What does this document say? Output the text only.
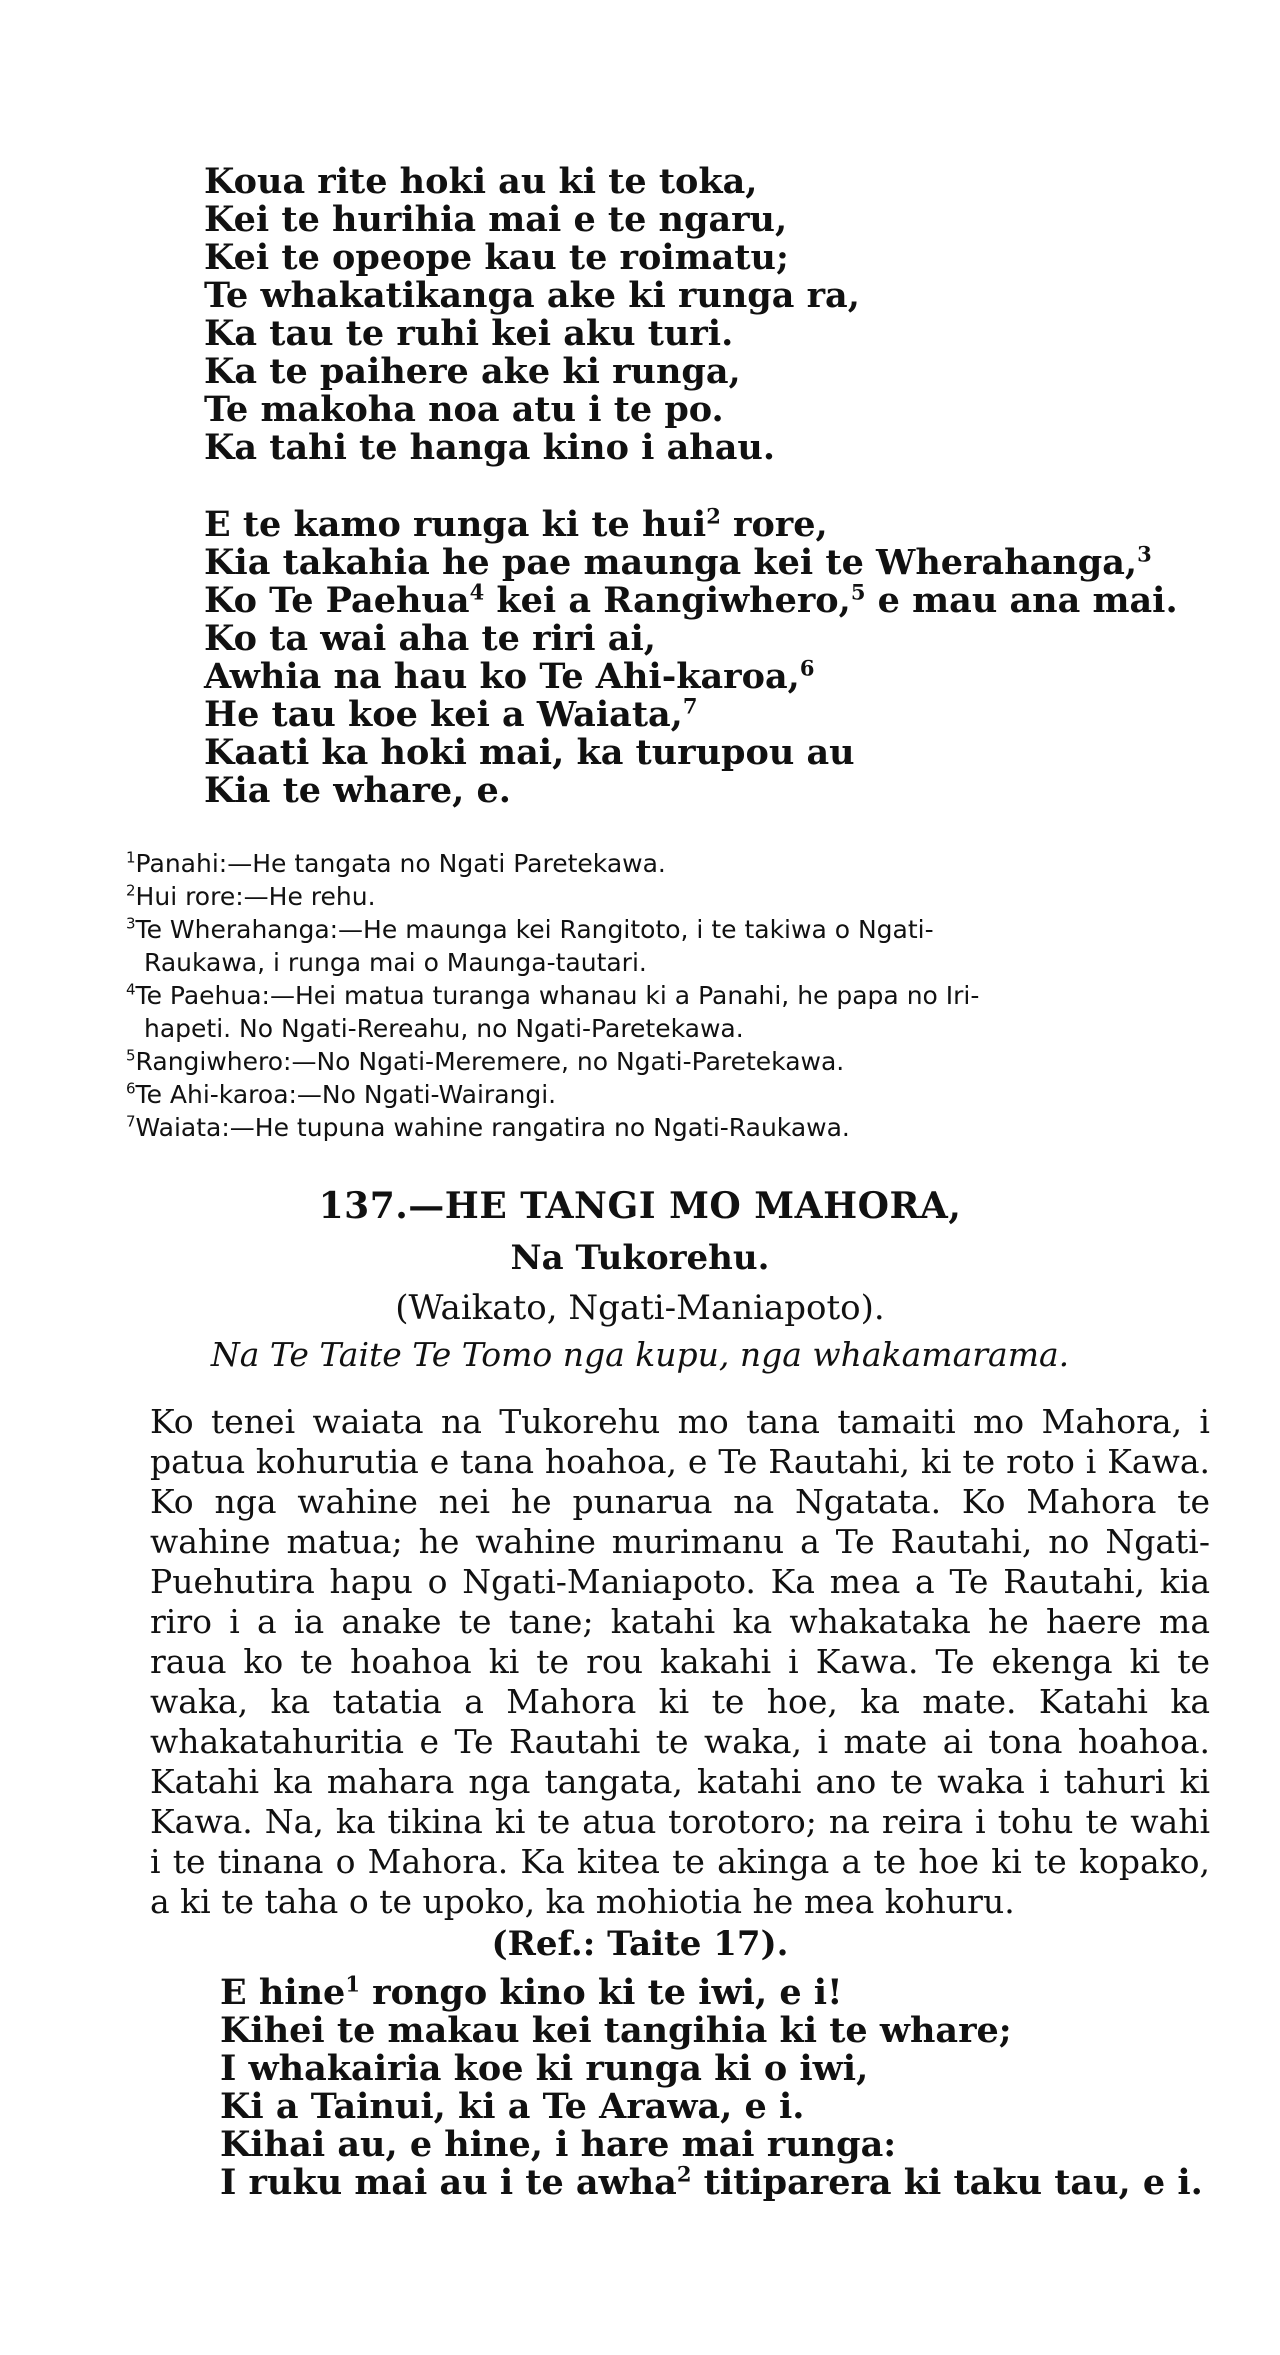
Koua rite hoki au ki te toka,
Kei te hurihia mai e te ngaru,
Kei te opeope kau te roimatu;
Te whakatikanga ake ki runga ra,
Ka tau te ruhi kei aku turi.
Ka te paihere ake ki runga,
Te makoha noa atu i te po.
Ka tahi te hanga kino i ahau.
E te kamo runga ki te hui$^2$ rore,
Kia takahia he pae maunga kei te Wherahanga,$^3$
Ko Te Paehua$^4$ kei a Rangiwhero,$^5$ e mau ana mai.
Ko ta wai aha te riri ai,
Awhia na hau ko Te Ahi-karoa,$^6$
He tau koe kei a Waiata,$^7$
Kaati ka hoki mai, ka turupou au
Kia te whare, e.
$^1$Panahi:—He tangata no Ngati Paretekawa.
$^2$Hui rore:—He rehu.
$^3$Te Wherahanga:—He maunga kei Rangitoto, i te takiwa o Ngati-
Raukawa, i runga mai o Maunga-tautari.
$^4$Te Paehua:—Hei matua turanga whanau ki a Panahi, he papa no Iri-
hapeti. No Ngati-Rereahu, no Ngati-Paretekawa.
$^5$Rangiwhero:—No Ngati-Meremere, no Ngati-Paretekawa.
$^6$Te Ahi-karoa:—No Ngati-Wairangi.
$^7$Waiata:—He tupuna wahine rangatira no Ngati-Raukawa.
137.—HE TANGI MO MAHORA,
Na Tukorehu.
(Waikato, Ngati-Maniapoto).
Na Te Taite Te Tomo nga kupu, nga whakamarama.

Ko tenei waiata na Tukorehu mo tana tamaiti mo Mahora, i patua kohurutia e tana hoahoa, e Te Rautahi, ki te roto i Kawa. Ko nga wahine nei he punarua na Ngatata. Ko Mahora te wahine matua; he wahine murimanu a Te Rautahi, no Ngati-Puehutira hapu o Ngati-Maniapoto. Ka mea a Te Rautahi, kia riro i a ia anake te tane; katahi ka whakataka he haere ma raua ko te hoahoa ki te rou kakahi i Kawa. Te ekenga ki te waka, ka tatatia a Mahora ki te hoe, ka mate. Katahi ka whakatahuritia e Te Rautahi te waka, i mate ai tona hoahoa. Katahi ka mahara nga tangata, katahi ano te waka i tahuri ki Kawa. Na, ka tikina ki te atua torotoro; na reira i tohu te wahi i te tinana o Mahora. Ka kitea te akinga a te hoe ki te kopako, a ki te taha o te upoko, ka mohiotia he mea kohuru.

(Ref.: Taite 17).
E hine$^1$ rongo kino ki te iwi, e i!
Kihei te makau kei tangihia ki te whare;
I whakairia koe ki runga ki o iwi,
Ki a Tainui, ki a Te Arawa, e i.
Kihai au, e hine, i hare mai runga:
I ruku mai au i te awha$^2$ titiparera ki taku tau, e i.
